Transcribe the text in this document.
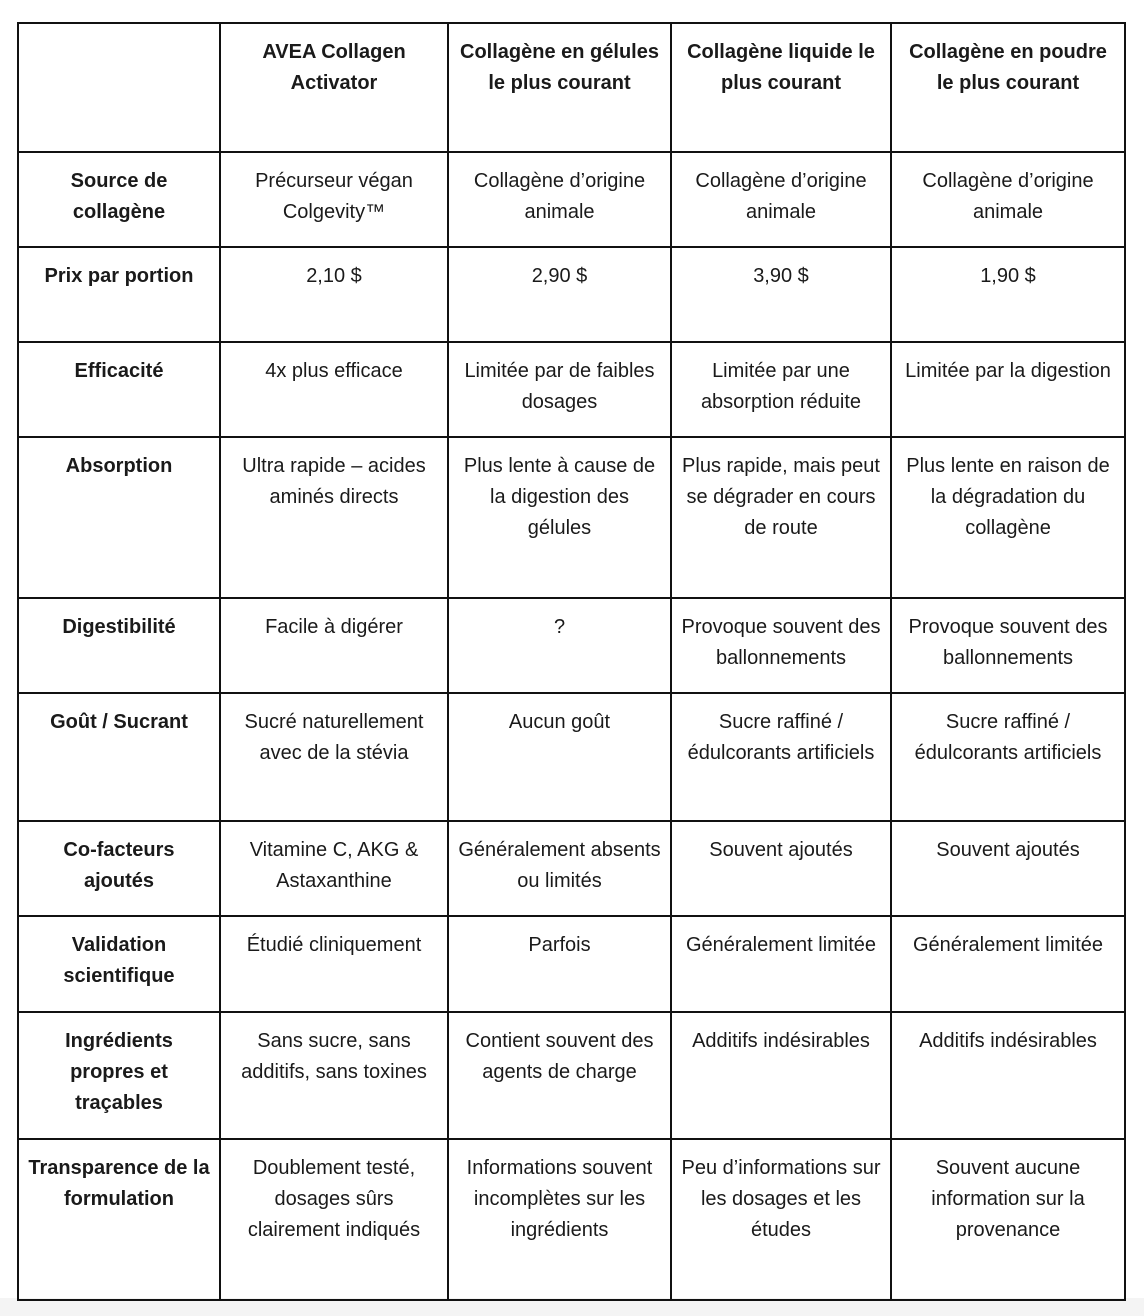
	AVEA Collagen Activator	Collagène en gélules le plus courant	Collagène liquide le plus courant	Collagène en poudre le plus courant
Source de collagène	Précurseur végan Colgevity™	Collagène d’origine animale	Collagène d’origine animale	Collagène d’origine animale
Prix par portion	2,10 $	2,90 $	3,90 $	1,90 $
Efficacité	4x plus efficace	Limitée par de faibles dosages	Limitée par une absorption réduite	Limitée par la digestion
Absorption	Ultra rapide – acides aminés directs	Plus lente à cause de la digestion des gélules	Plus rapide, mais peut se dégrader en cours de route	Plus lente en raison de la dégradation du collagène
Digestibilité	Facile à digérer	?	Provoque souvent des ballonnements	Provoque souvent des ballonnements
Goût / Sucrant	Sucré naturellement avec de la stévia	Aucun goût	Sucre raffiné / édulcorants artificiels	Sucre raffiné / édulcorants artificiels
Co-facteurs ajoutés	Vitamine C, AKG & Astaxanthine	Généralement absents ou limités	Souvent ajoutés	Souvent ajoutés
Validation scientifique	Étudié cliniquement	Parfois	Généralement limitée	Généralement limitée
Ingrédients propres et traçables	Sans sucre, sans additifs, sans toxines	Contient souvent des agents de charge	Additifs indésirables	Additifs indésirables
Transparence de la formulation	Doublement testé, dosages sûrs clairement indiqués	Informations souvent incomplètes sur les ingrédients	Peu d’informations sur les dosages et les études	Souvent aucune information sur la provenance
